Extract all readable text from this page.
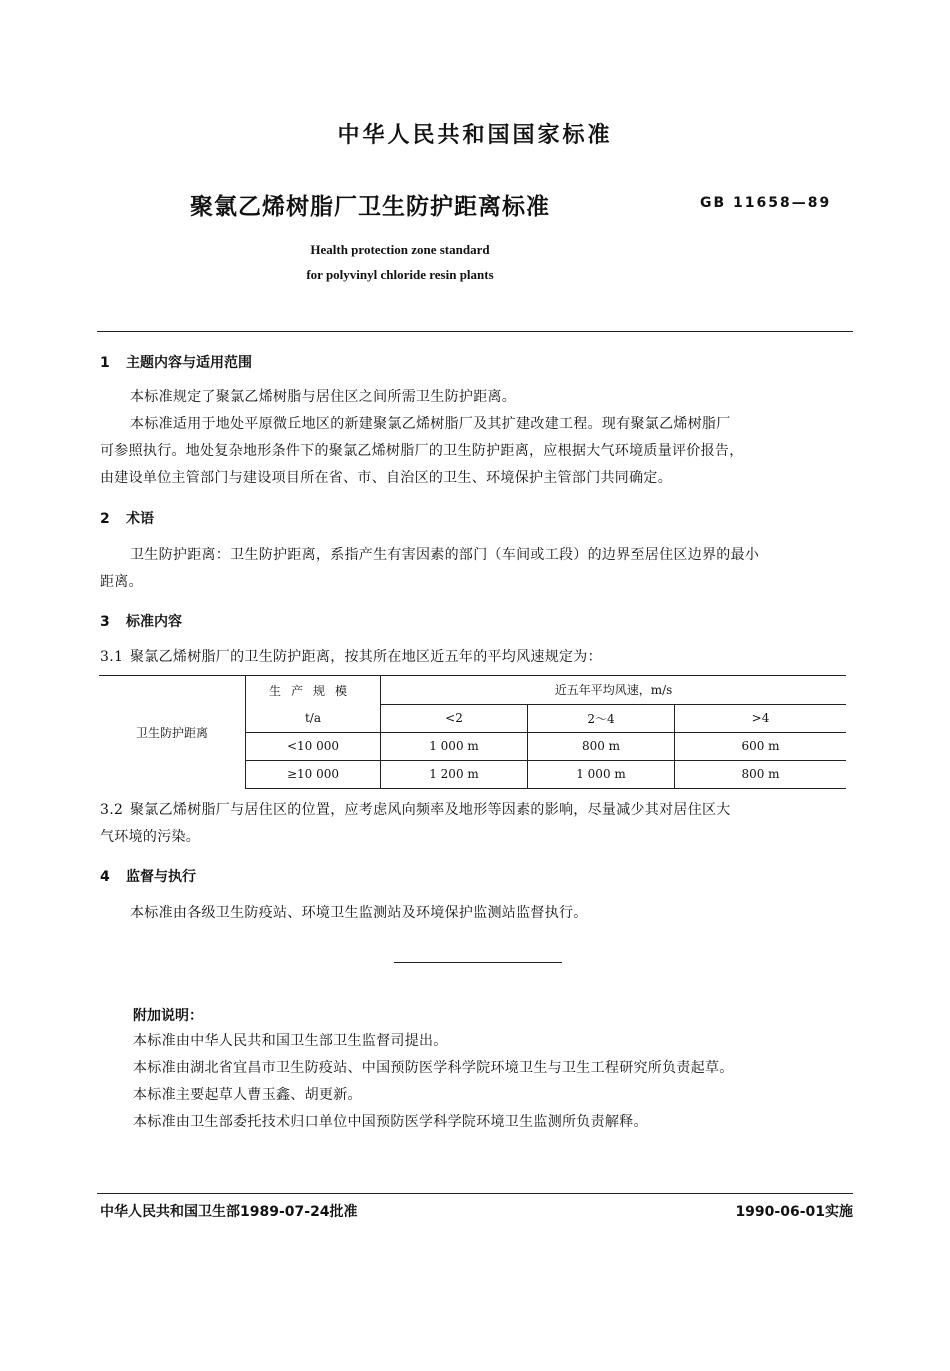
中华人民共和国国家标准
聚氯乙烯树脂厂卫生防护距离标准	GB 11658—89
Health protection zone standard
for polyvinyl chloride resin plants
1 主题内容与适用范围
本标准规定了聚氯乙烯树脂与居住区之间所需卫生防护距离。
本标准适用于地处平原微丘地区的新建聚氯乙烯树脂厂及其扩建改建工程。现有聚氯乙烯树脂厂
可参照执行。地处复杂地形条件下的聚氯乙烯树脂厂的卫生防护距离，应根据大气环境质量评价报告，
由建设单位主管部门与建设项目所在省、市、自治区的卫生、环境保护主管部门共同确定。
2 术语
卫生防护距离：卫生防护距离，系指产生有害因素的部门（车间或工段）的边界至居住区边界的最小
距离。
3 标准内容
3.1 聚氯乙烯树脂厂的卫生防护距离，按其所在地区近五年的平均风速规定为：
卫生防护距离	生产规模	近五年平均风速，m/s		
	t/a	<2	2～4	>4
	<10 000	1 000 m	800 m	600 m
	≥10 000	1 200 m	1 000 m	800 m
3.2 聚氯乙烯树脂厂与居住区的位置，应考虑风向频率及地形等因素的影响，尽量减少其对居住区大
气环境的污染。
4 监督与执行
本标准由各级卫生防疫站、环境卫生监测站及环境保护监测站监督执行。
附加说明：
本标准由中华人民共和国卫生部卫生监督司提出。
本标准由湖北省宜昌市卫生防疫站、中国预防医学科学院环境卫生与卫生工程研究所负责起草。
本标准主要起草人曹玉鑫、胡更新。
本标准由卫生部委托技术归口单位中国预防医学科学院环境卫生监测所负责解释。
中华人民共和国卫生部1989-07-24批准	1990-06-01实施
